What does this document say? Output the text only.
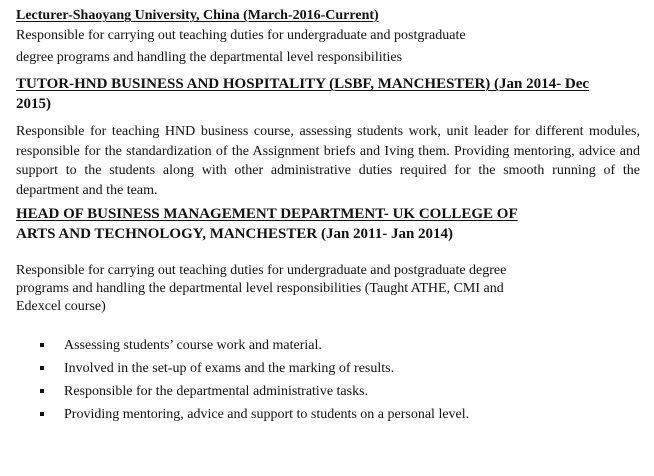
Lecturer-Shaoyang University, China (March-2016-Current)
Responsible for carrying out teaching duties for undergraduate and postgraduate
degree programs and handling the departmental level responsibilities
TUTOR-HND BUSINESS AND HOSPITALITY (LSBF, MANCHESTER) (Jan 2014- Dec
2015)
Responsible for teaching HND business course, assessing students work, unit leader for different modules, responsible for the standardization of the Assignment briefs and Iving them. Providing mentoring, advice and support to the students along with other administrative duties required for the smooth running of the department and the team.
HEAD OF BUSINESS MANAGEMENT DEPARTMENT- UK COLLEGE OF
ARTS AND TECHNOLOGY, MANCHESTER (Jan 2011- Jan 2014)
Responsible for carrying out teaching duties for undergraduate and postgraduate degree
programs and handling the departmental level responsibilities (Taught ATHE, CMI and
Edexcel course)
Assessing students’ course work and material.
Involved in the set-up of exams and the marking of results.
Responsible for the departmental administrative tasks.
Providing mentoring, advice and support to students on a personal level.
